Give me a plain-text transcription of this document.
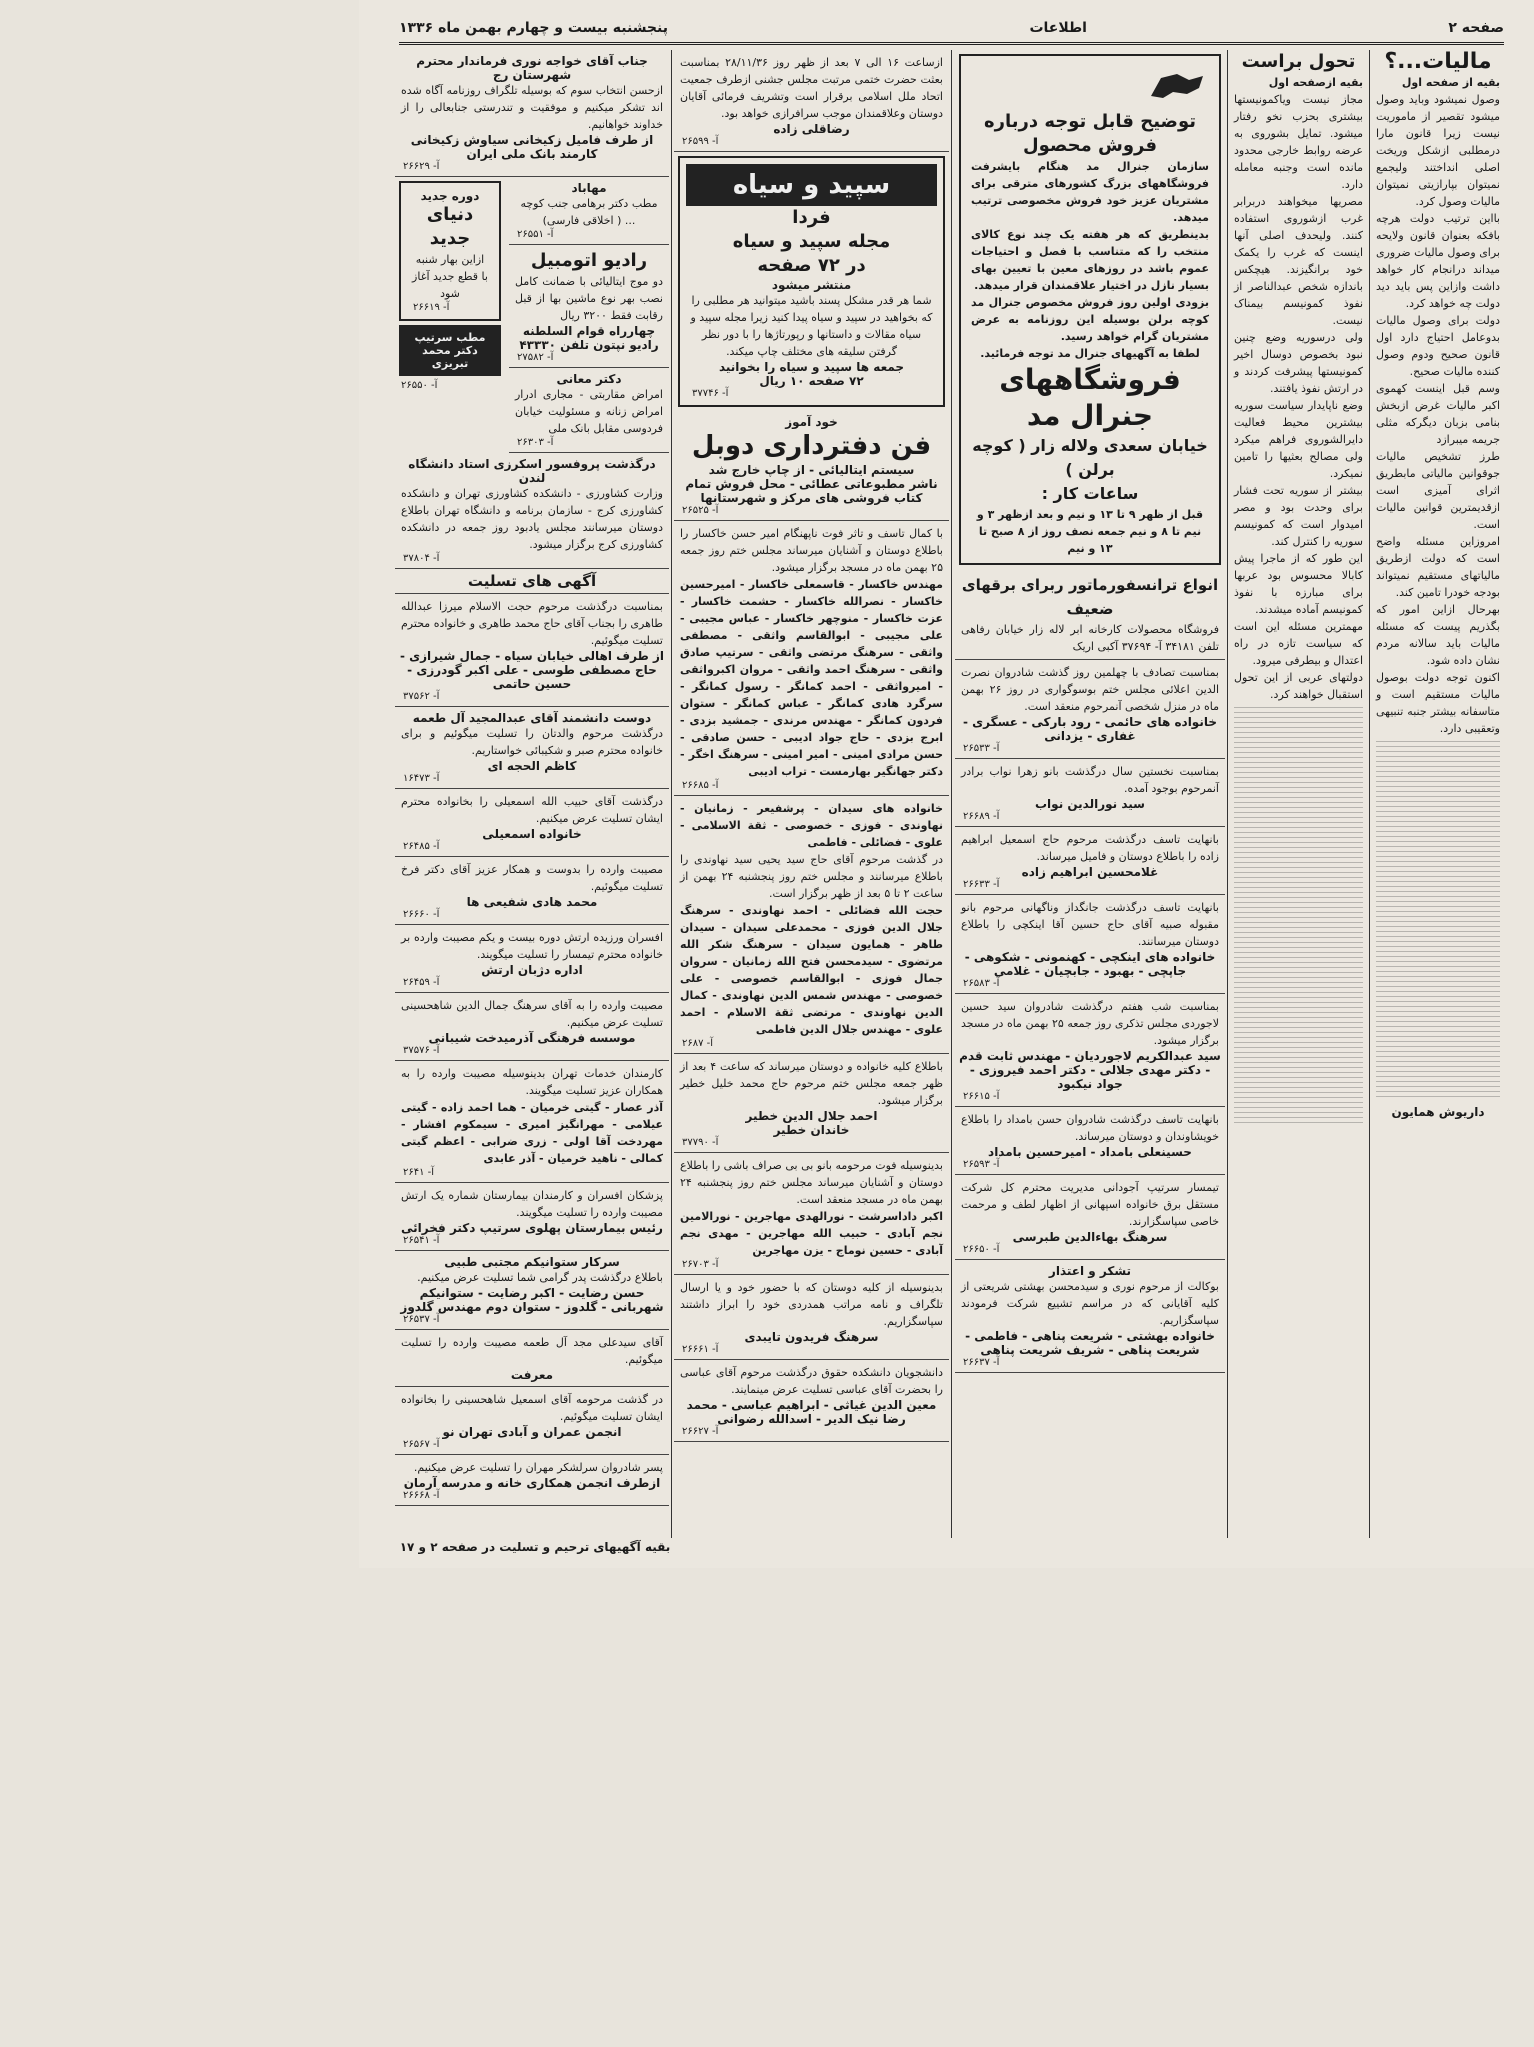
صفحه ۲
اطلاعات
پنجشنبه بیست و چهارم بهمن ماه ۱۳۳۶
مالیات...؟
بقیه از صفحه اول

وصول نمیشود وباید وصول میشود تقصیر از ماموریت نیست زیرا قانون مارا درمطلبی ازشکل وریخت اصلی انداختند ولیجمع نمیتوان بپارازیتی نمیتوان مالیات وصول کرد.

بااین ترتیب دولت هرچه بافکه بعنوان قانون ولایحه برای وصول مالیات ضروری میداند درانجام کار خواهد داشت وازاین پس باید دید دولت چه خواهد کرد.

دولت برای وصول مالیات بدوعامل احتیاج دارد اول قانون صحیح ودوم وصول کننده مالیات صحیح.

وسم قبل اینست کهموی اکبر مالیات غرض ازبخش بنامی بزبان دیگرکه مثلی جریمه میبرازد

طرز تشخیص مالیات جوقوانین مالیاتی مابطریق اثرای آمیزی است ازقدیمترین قوانین مالیات است.

امروزاین مسئله واضح است که دولت ازطریق مالیاتهای مستقیم نمیتواند بودجه خودرا تامین کند.

بهرحال ازاین امور که بگذریم پیست که مسئله مالیات باید سالانه مردم نشان داده شود.

اکنون توجه دولت بوصول مالیات مستقیم است و متاسفانه بیشتر جنبه تنبیهی وتعقیبی دارد.

داریوش همایون
تحول براست
بقیه ازصفحه اول

مجاز نیست ویاکمونیستها بیشتری بحزب نخو رفتار میشود. تمایل بشوروی به عرضه روابط خارجی محدود مانده است وجنبه معامله دارد.

مصریها میخواهند دربرابر غرب ازشوروی استفاده کنند. ولیحدف اصلی آنها اینست که غرب را یکمک خود برانگیزند. هیچکس باندازه شخص عبدالناصر از نفوذ کمونیسم بیمناک نیست.

ولی درسوریه وضع چنین نبود بخصوص دوسال اخیر کمونیستها پیشرفت کردند و در ارتش نفوذ یافتند.

وضع ناپایدار سیاست سوریه بیشترین محیط فعالیت دایرالشوروی فراهم میکرد ولی مصالح بعثیها را تامین نمیکرد.

بیشتر از سوریه تحت فشار برای وحدت بود و مصر امیدوار است که کمونیسم سوریه را کنترل کند.

این طور که از ماجرا پیش کابالا محسوس بود عربها برای مبارزه با نفوذ کمونیسم آماده میشدند.

مهمترین مسئله این است که سیاست تازه در راه اعتدال و بیطرفی میرود.

دولتهای عربی از این تحول استقبال خواهند کرد.

توضیح قابل توجه درباره فروش محصول

سازمان جنرال مد هنگام بایشرفت فروشگاههای بزرگ کشورهای مترقی برای مشتریان عزیز خود فروش مخصوصی ترتیب میدهد.

بدینطریق که هر هفته یک چند نوع کالای منتخب را که متناسب با فصل و احتیاجات عموم باشد در روزهای معین با تعیین بهای بسیار نازل در اختیار علاقمندان قرار میدهد.

بزودی اولین روز فروش مخصوص جنرال مد کوچه برلن بوسیله این روزنامه به عرض مشتریان گرام خواهد رسید.

لطفا به آگهیهای جنرال مد توجه فرمائید.

فروشگاههای جنرال مد
خیابان سعدی ولاله زار ( کوچه برلن )
ساعات کار :

قبل از ظهر ۹ تا ۱۳ و نیم و بعد ازظهر ۳ و نیم تا ۸ و نیم جمعه نصف روز از ۸ صبح تا ۱۳ و نیم

انواع ترانسفورماتور ربرای برقهای ضعیف

فروشگاه محصولات کارخانه ابر لاله زار خیابان رفاهی تلفن ۳۴۱۸۱ آ- ۳۷۶۹۴ آکبی اریک

بمناسبت تصادف با چهلمین روز گذشت شادروان نصرت الدین اعلائی مجلس ختم بوسوگواری در روز ۲۶ بهمن ماه در منزل شخصی آنمرحوم منعقد است.

خانواده های حائمی - رود بارکی - عسگری - غفاری - یزدانی
آ- ۲۶۵۳۳

بمناسبت نخستین سال درگذشت بانو زهرا نواب برادر آنمرحوم بوجود آمده.

سید نورالدین نواب
آ- ۲۶۶۸۹

بانهایت تاسف درگذشت مرحوم حاج اسمعیل ابراهیم زاده را باطلاع دوستان و فامیل میرساند.

غلامحسین ابراهیم زاده
آ- ۲۶۶۳۳

بانهایت تاسف درگذشت جانگداز وناگهانی مرحوم بانو مقبوله صبیه آقای حاج حسین آقا اینکچی را باطلاع دوستان میرسانند.

خانواده های اینکچی - کهنمونی - شکوهی - جاپچی - بهبود - جابچیان - غلامی
آ- ۲۶۵۸۳

بمناسبت شب هفتم درگذشت شادروان سید حسین لاجوردی مجلس تذکری روز جمعه ۲۵ بهمن ماه در مسجد برگزار میشود.

سید عبدالکریم لاجوردیان - مهندس ثابت قدم - دکتر مهدی جلالی - دکتر احمد فیروزی - جواد نیکبود
آ- ۲۶۶۱۵

بانهایت تاسف درگذشت شادروان حسن بامداد را باطلاع خویشاوندان و دوستان میرساند.

حسینعلی بامداد - امیرحسین بامداد
آ- ۲۶۵۹۳

تیمسار سرتیپ آجودانی مدیریت محترم کل شرکت مستقل برق خانواده اسپهانی از اظهار لطف و مرحمت خاصی سپاسگزارند.

سرهنگ بهاءالدین طبرسی
آ- ۲۶۶۵۰
تشکر و اعتذار

بوکالت از مرحوم نوری و سیدمحسن بهشتی شریعتی از کلیه آقایانی که در مراسم تشییع شرکت فرمودند سپاسگزاریم.

خانواده بهشتی - شریعت پناهی - فاطمی - شریعت پناهی - شریف شریعت پناهی
آ- ۲۶۶۳۷

ازساعت ۱۶ الی ۷ بعد از ظهر روز ۲۸/۱۱/۳۶ بمناسبت بعثت حضرت ختمی مرتبت مجلس جشنی ازطرف جمعیت اتحاد ملل اسلامی برقرار است وتشریف فرمائی آقایان دوستان وعلاقمندان موجب سرافرازی خواهد بود.

رضاقلی زاده
آ- ۲۶۵۹۹
سپید و سیاه
فردا
مجله سپید و سیاه
در ۷۲ صفحه
منتشر میشود

شما هر قدر مشکل پسند باشید میتوانید هر مطلبی را که بخواهید در سپید و سیاه پیدا کنید زیرا مجله سپید و سیاه مقالات و داستانها و رپورتاژها را با دور نظر گرفتن سلیقه های مختلف چاپ میکند.

جمعه ها سپید و سیاه را بخوانید
۷۲ صفحه ۱۰ ریال
آ- ۳۷۷۴۶
خود آموز
فن دفترداری دوبل
سیستم ایتالیائی - از چاپ خارج شد
ناشر مطبوعاتی عطائی - محل فروش تمام کتاب فروشی های مرکز و شهرستانها
آ- ۲۶۵۲۵

با کمال تاسف و تاثر فوت ناپهنگام امیر حسن خاکسار را باطلاع دوستان و آشنایان میرساند مجلس ختم روز جمعه ۲۵ بهمن ماه در مسجد برگزار میشود.

مهندس خاکسار - قاسمعلی خاکسار - امیرحسین خاکسار - نصرالله خاکسار - حشمت خاکسار - عزت خاکسار - منوچهر خاکسار - عباس مجیبی - علی مجیبی - ابوالقاسم واثقی - مصطفی واثقی - سرهنگ مرتضی واثقی - سرتیپ صادق واثقی - سرهنگ احمد واثقی - مروان اکبرواثقی - امیرواثقی - احمد کمانگر - رسول کمانگر - سرگرد هادی کمانگر - عباس کمانگر - ستوان فردون کمانگر - مهندس مرندی - جمشید بزدی - ابرج بزدی - حاج جواد ادیبی - حسن صادقی - حسن مرادی امینی - امیر امینی - سرهنگ اخگر - دکتر جهانگیر بهارمست - تراب ادیبی

آ- ۲۶۶۸۵

خانواده های سیدان - پرشفیعر - زمانیان - نهاوندی - فوزی - خصوصی - ثقة الاسلامی - علوی - فضائلی - فاطمی

در گذشت مرحوم آقای حاج سید یحیی سید نهاوندی را باطلاع میرسانند و مجلس ختم روز پنجشنبه ۲۴ بهمن از ساعت ۲ تا ۵ بعد از ظهر برگزار است.

حجت الله فضائلی - احمد نهاوندی - سرهنگ جلال الدین فوزی - محمدعلی سیدان - سیدان طاهر - همایون سیدان - سرهنگ شکر الله مرتضوی - سیدمحسن فتح الله زمانیان - سروان جمال فوزی - ابوالقاسم خصوصی - علی خصوصی - مهندس شمس الدین نهاوندی - کمال الدین نهاوندی - مرتضی ثقة الاسلام - احمد علوی - مهندس جلال الدین فاطمی

آ- ۲۶۸۷

باطلاع کلیه خانواده و دوستان میرساند که ساعت ۴ بعد از ظهر جمعه مجلس ختم مرحوم حاج محمد خلیل خطیر برگزار میشود.

احمد جلال الدین خطیر
خاندان خطیر
آ- ۳۷۷۹۰

بدینوسیله فوت مرحومه بانو بی بی صراف باشی را باطلاع دوستان و آشنایان میرساند مجلس ختم روز پنجشنبه ۲۴ بهمن ماه در مسجد منعقد است.

اکبر داداسرشت - نورالهدی مهاجرین - نورالامین نجم آبادی - حبیب الله مهاجرین - مهدی نجم آبادی - حسین نوماج - یزن مهاجرین

آ- ۲۶۷۰۳

بدینوسیله از کلیه دوستان که با حضور خود و یا ارسال تلگراف و نامه مراتب همدردی خود را ابراز داشتند سپاسگزاریم.

سرهنگ فریدون تایبدی
آ- ۲۶۶۶۱

دانشجویان دانشکده حقوق درگذشت مرحوم آقای عباسی را بحضرت آقای عباسی تسلیت عرض مینمایند.

معین الدین غیاثی - ابراهیم عباسی - محمد رضا نیک الدیر - اسدالله رضوانی
آ- ۲۶۶۲۷
جناب آقای خواجه نوری فرماندار محترم شهرستان رج

ازحسن انتخاب سوم که بوسیله تلگراف روزنامه آگاه شده اند تشکر میکنیم و موفقیت و تندرستی جنابعالی را از خداوند خواهانیم.

از طرف فامیل زکیخانی سیاوش زکیخانی کارمند بانک ملی ایران
آ- ۲۶۶۲۹
مهاباد

مطب دکتر برهامی جنب کوچه ... ( اخلاقی فارسی)

آ- ۲۶۵۵۱
رادیو اتومبیل

دو موج ایتالیائی با ضمانت کامل نصب بهر نوع ماشین بها از قبل رقابت فقط ۳۲۰۰ ریال

چهارراه قوام السلطنه رادیو نپتون تلفن ۴۳۳۳۰
آ- ۲۷۵۸۲
دکتر معانی

امراض مقاربتی - مجاری ادرار امراض زنانه و مسئولیت خیابان فردوسی مقابل بانک ملی

آ- ۲۶۳۰۳
دوره جدید
دنیای
جدید

ازاین بهار شنبه با قطع جدید آغاز شود

آ- ۲۶۶۱۹
مطب سرتیپ دکتر محمد تبریزی
آ- ۲۶۵۵۰
درگذشت پروفسور اسکرزی استاد دانشگاه لندن

وزارت کشاورزی - دانشکده کشاورزی تهران و دانشکده کشاورزی کرج - سازمان برنامه و دانشگاه تهران باطلاع دوستان میرسانند مجلس یادبود روز جمعه در دانشکده کشاورزی کرج برگزار میشود.

آ- ۳۷۸۰۴
آگهی های تسلیت

بمناسبت درگذشت مرحوم حجت الاسلام میرزا عبدالله طاهری را بجناب آقای حاج محمد طاهری و خانواده محترم تسلیت میگوئیم.

از طرف اهالی خیابان سیاه - جمال شیرازی - حاج مصطفی طوسی - علی اکبر گودرزی - حسین حاتمی
آ- ۳۷۵۶۲
دوست دانشمند آقای عبدالمجید آل طعمه

درگذشت مرحوم والدتان را تسلیت میگوئیم و برای خانواده محترم صبر و شکیبائی خواستاریم.

کاظم الحجه ای
آ- ۱۶۴۷۳

درگذشت آقای حبیب الله اسمعیلی را بخانواده محترم ایشان تسلیت عرض میکنیم.

خانواده اسمعیلی
آ- ۲۶۴۸۵

مصیبت وارده را بدوست و همکار عزیز آقای دکتر فرخ تسلیت میگوئیم.

محمد هادی شفیعی ها
آ- ۲۶۶۶۰

افسران ورزیده ارتش دوره بیست و یکم مصیبت وارده بر خانواده محترم تیمسار را تسلیت میگویند.

اداره دژبان ارتش
آ- ۲۶۴۵۹

مصیبت وارده را به آقای سرهنگ جمال الدین شاهحسینی تسلیت عرض میکنیم.

موسسه فرهنگی آذرمیدخت شیبانی
آ- ۳۷۵۷۶

کارمندان خدمات تهران بدینوسیله مصیبت وارده را به همکاران عزیز تسلیت میگویند.

آذر عصار - گیتی خرمیان - هما احمد زاده - گیتی عیلامی - مهرانگیز امیری - سیمکوم افشار - مهردخت آقا اولی - زری ضرابی - اعظم گیتی کمالی - ناهید خرمیان - آذر عابدی

آ- ۲۶۴۱

پزشکان افسران و کارمندان بیمارستان شماره یک ارتش مصیبت وارده را تسلیت میگویند.

رئیس بیمارستان پهلوی سرتیپ دکتر فخرائی
آ- ۲۶۵۴۱
سرکار ستوانیکم مجتبی طبیی

باطلاع درگذشت پدر گرامی شما تسلیت عرض میکنیم.

حسن رضایت - اکبر رضایت - ستوانیکم شهربانی - گلدوز - ستوان دوم مهندس گلدوز
آ- ۲۶۵۳۷

آقای سیدعلی مجد آل طعمه مصیبت وارده را تسلیت میگوئیم.

معرفت

در گذشت مرحومه آقای اسمعیل شاهحسینی را بخانواده ایشان تسلیت میگوئیم.

انجمن عمران و آبادی تهران نو
آ- ۲۶۵۶۷

پسر شادروان سرلشکر مهران را تسلیت عرض میکنیم.

ازطرف انجمن همکاری خانه و مدرسه آرمان
آ- ۲۶۶۶۸
بقیه آگهیهای ترحیم و تسلیت در صفحه ۲ و ۱۷
